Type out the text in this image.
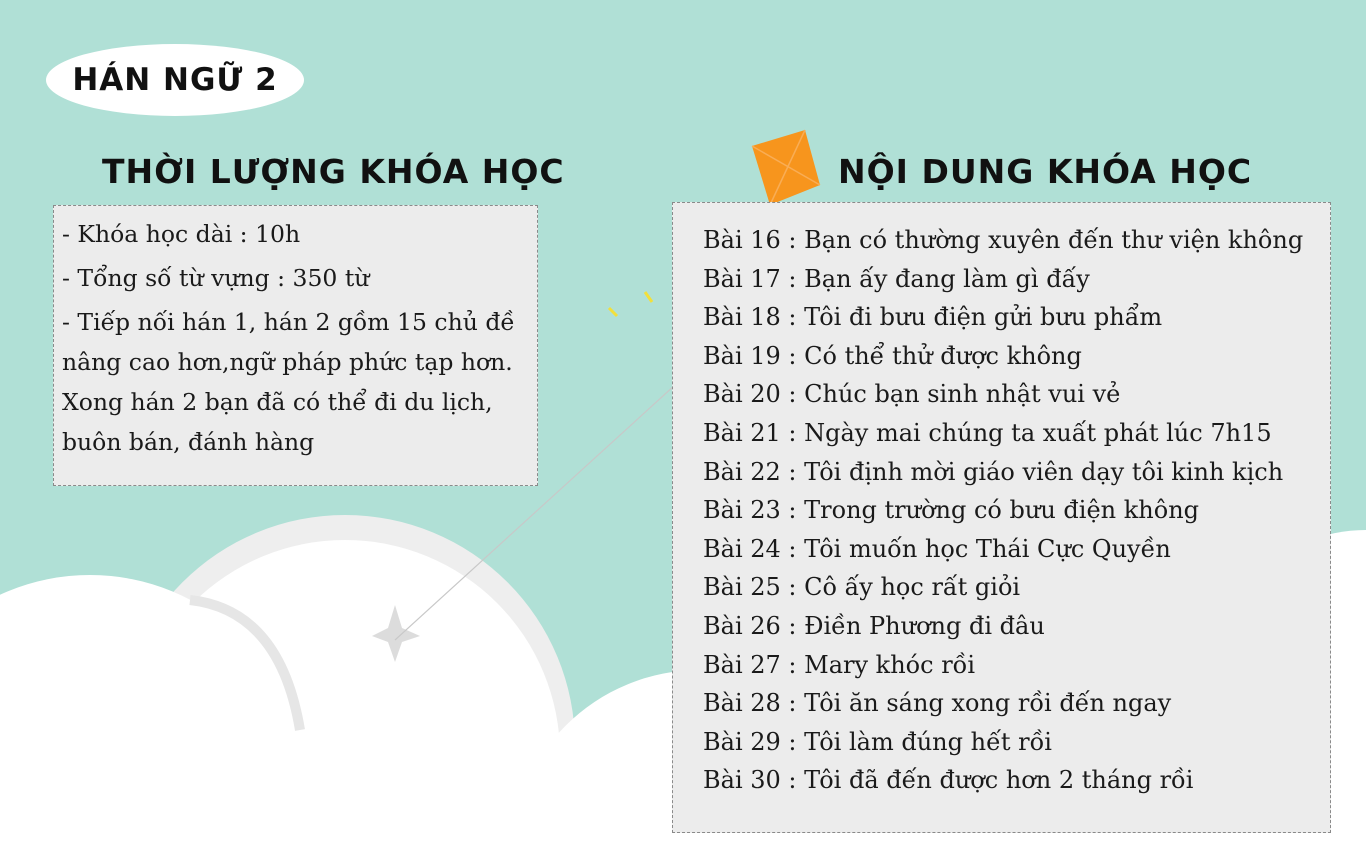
HÁN NGỮ 2
THỜI LƯỢNG KHÓA HỌC	NỘI DUNG KHÓA HỌC
- Khóa học dài : 10h
- Tổng số từ vựng : 350 từ
- Tiếp nối hán 1, hán 2 gồm 15 chủ đề
nâng cao hơn,ngữ pháp phức tạp hơn.
Xong hán 2 bạn đã có thể đi du lịch,
buôn bán, đánh hàng
Bài 16 : Bạn có thường xuyên đến thư viện không
Bài 17 : Bạn ấy đang làm gì đấy
Bài 18 : Tôi đi bưu điện gửi bưu phẩm
Bài 19 : Có thể thử được không
Bài 20 : Chúc bạn sinh nhật vui vẻ
Bài 21 : Ngày mai chúng ta xuất phát lúc 7h15
Bài 22 : Tôi định mời giáo viên dạy tôi kinh kịch
Bài 23 : Trong trường có bưu điện không
Bài 24 : Tôi muốn học Thái Cực Quyền
Bài 25 : Cô ấy học rất giỏi
Bài 26 : Điền Phương đi đâu
Bài 27 : Mary khóc rồi
Bài 28 : Tôi ăn sáng xong rồi đến ngay
Bài 29 : Tôi làm đúng hết rồi
Bài 30 : Tôi đã đến được hơn 2 tháng rồi
